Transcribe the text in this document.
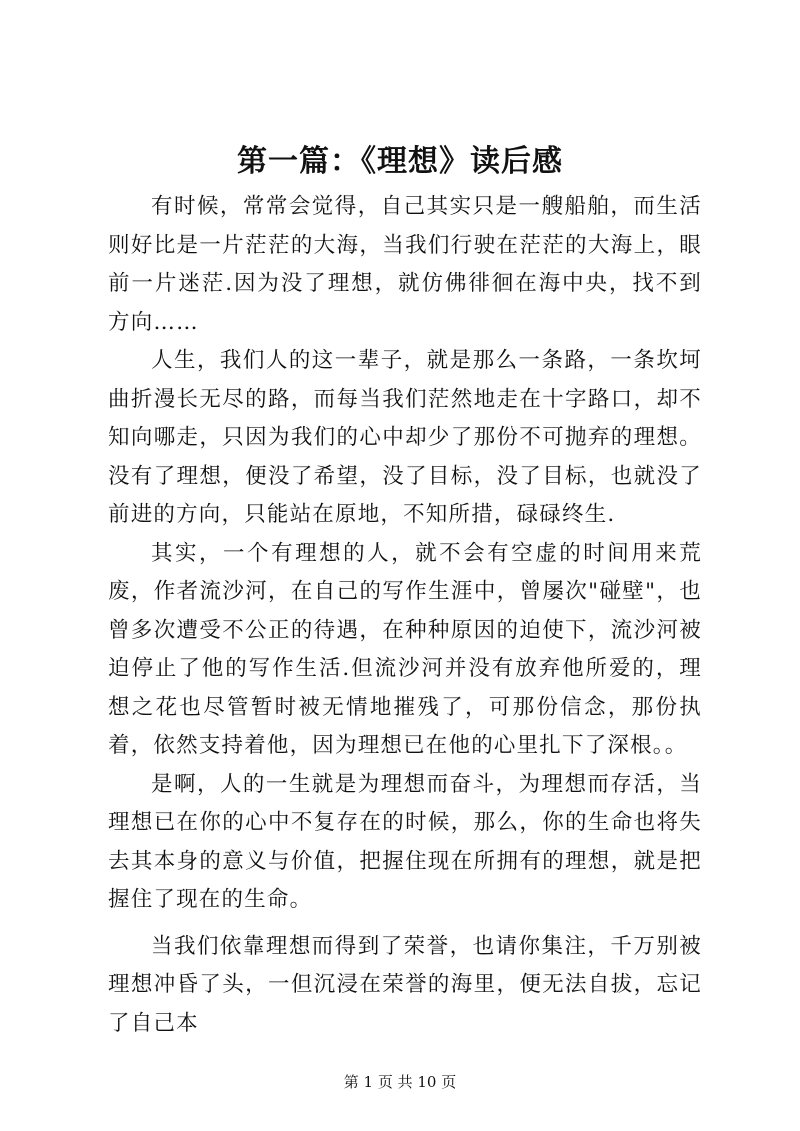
第一篇：《理想》读后感

有时候，常常会觉得，自己其实只是一艘船舶，而生活则好比是一片茫茫的大海，当我们行驶在茫茫的大海上，眼前一片迷茫.因为没了理想，就仿佛徘徊在海中央，找不到方向……

人生，我们人的这一辈子，就是那么一条路，一条坎坷曲折漫长无尽的路，而每当我们茫然地走在十字路口，却不知向哪走，只因为我们的心中却少了那份不可抛弃的理想。没有了理想，便没了希望，没了目标，没了目标，也就没了前进的方向，只能站在原地，不知所措，碌碌终生.

其实，一个有理想的人，就不会有空虚的时间用来荒废，作者流沙河，在自己的写作生涯中，曾屡次"碰壁"，也曾多次遭受不公正的待遇，在种种原因的迫使下，流沙河被迫停止了他的写作生活.但流沙河并没有放弃他所爱的，理想之花也尽管暂时被无情地摧残了，可那份信念，那份执着，依然支持着他，因为理想已在他的心里扎下了深根。。

是啊，人的一生就是为理想而奋斗，为理想而存活，当理想已在你的心中不复存在的时候，那么，你的生命也将失去其本身的意义与价值，把握住现在所拥有的理想，就是把握住了现在的生命。

当我们依靠理想而得到了荣誉，也请你集注，千万别被理想冲昏了头，一但沉浸在荣誉的海里，便无法自拔，忘记了自己本

第 1 页 共 10 页
